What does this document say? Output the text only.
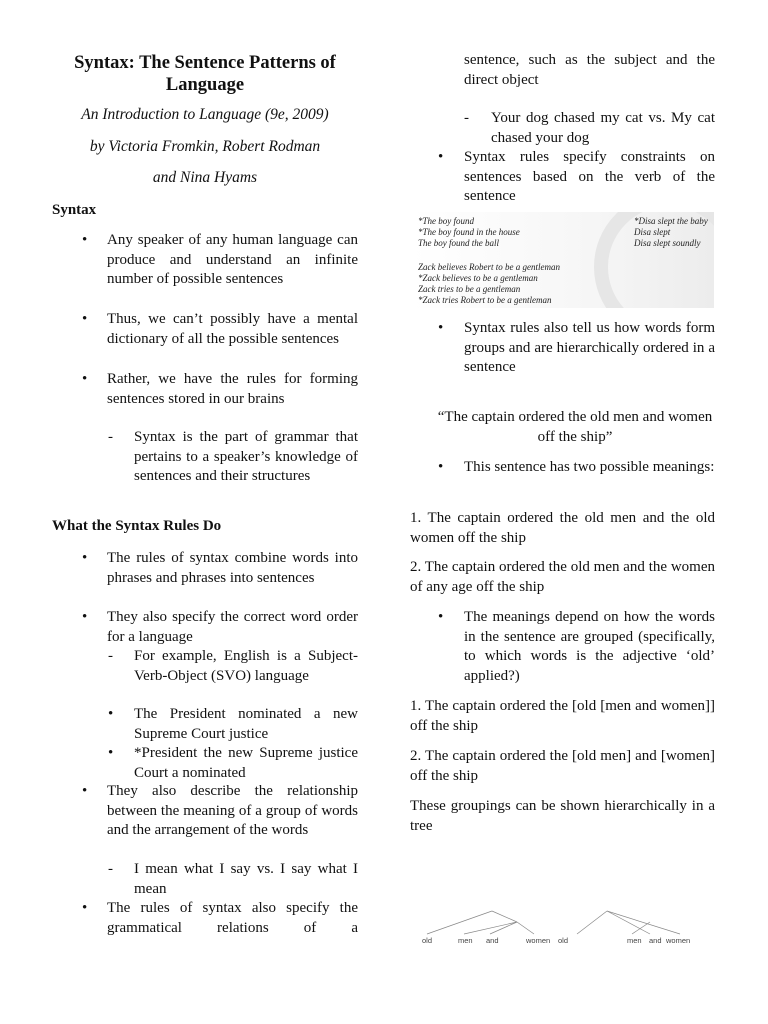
Syntax: The Sentence Patterns of Language
An Introduction to Language (9e, 2009)
by Victoria Fromkin, Robert Rodman
and Nina Hyams
Syntax
• Any speaker of any human language can produce and understand an infinite number of possible sentences
• Thus, we can’t possibly have a mental dictionary of all the possible sentences
• Rather, we have the rules for forming sentences stored in our brains
- Syntax is the part of grammar that pertains to a speaker’s knowledge of sentences and their structures
What the Syntax Rules Do
• The rules of syntax combine words into phrases and phrases into sentences
• They also specify the correct word order for a language
- For example, English is a Subject-Verb-Object (SVO) language
• The President nominated a new Supreme Court justice
• *President the new Supreme justice Court a nominated
• They also describe the relationship between the meaning of a group of words and the arrangement of the words
- I mean what I say vs. I say what I mean
• The rules of syntax also specify the grammatical relations of a
sentence, such as the subject and the direct object
- Your dog chased my cat vs. My cat chased your dog
• Syntax rules specify constraints on sentences based on the verb of the sentence
*The boy found
*The boy found in the house
The boy found the ball
Zack believes Robert to be a gentleman
*Zack believes to be a gentleman
Zack tries to be a gentleman
*Zack tries Robert to be a gentleman
*Disa slept the baby
Disa slept
Disa slept soundly
• Syntax rules also tell us how words form groups and are hierarchically ordered in a sentence
“The captain ordered the old men and women off the ship”
• This sentence has two possible meanings:
1. The captain ordered the old men and the old women off the ship
2. The captain ordered the old men and the women of any age off the ship
• The meanings depend on how the words in the sentence are grouped (specifically, to which words is the adjective ‘old’ applied?)
1. The captain ordered the [old [men and women]] off the ship
2. The captain ordered the [old men] and [women] off the ship
These groupings can be shown hierarchically in a tree
old	men and	women old	men and women
